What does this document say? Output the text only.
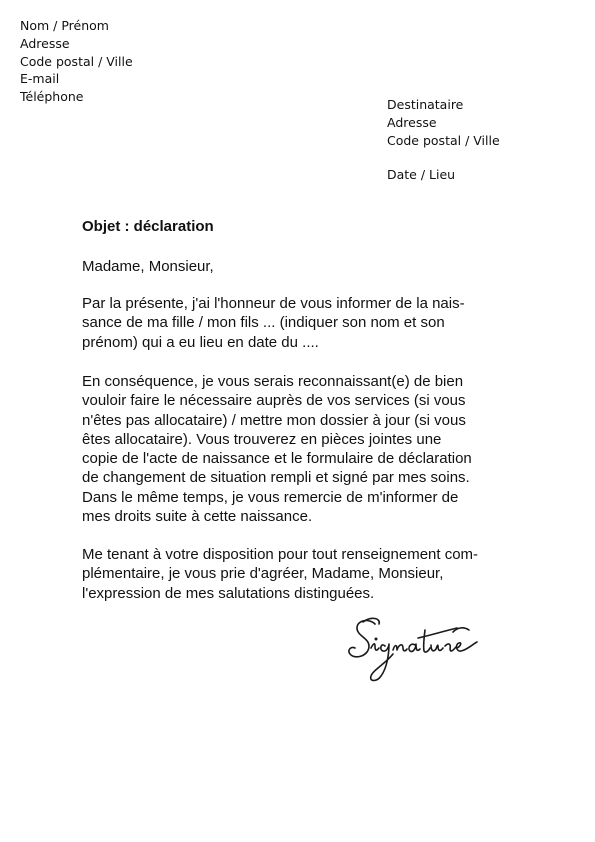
Nom / Prénom
Adresse
Code postal / Ville
E-mail
Téléphone
Destinataire
Adresse
Code postal / Ville
Date / Lieu
Objet : déclaration
Madame, Monsieur,
Par la présente, j'ai l'honneur de vous informer de la nais-
sance de ma fille / mon fils ... (indiquer son nom et son
prénom) qui a eu lieu en date du ....
En conséquence, je vous serais reconnaissant(e) de bien
vouloir faire le nécessaire auprès de vos services (si vous
n'êtes pas allocataire) / mettre mon dossier à jour (si vous
êtes allocataire). Vous trouverez en pièces jointes une
copie de l'acte de naissance et le formulaire de déclaration
de changement de situation rempli et signé par mes soins.
Dans le même temps, je vous remercie de m'informer de
mes droits suite à cette naissance.
Me tenant à votre disposition pour tout renseignement com-
plémentaire, je vous prie d'agréer, Madame, Monsieur,
l'expression de mes salutations distinguées.
